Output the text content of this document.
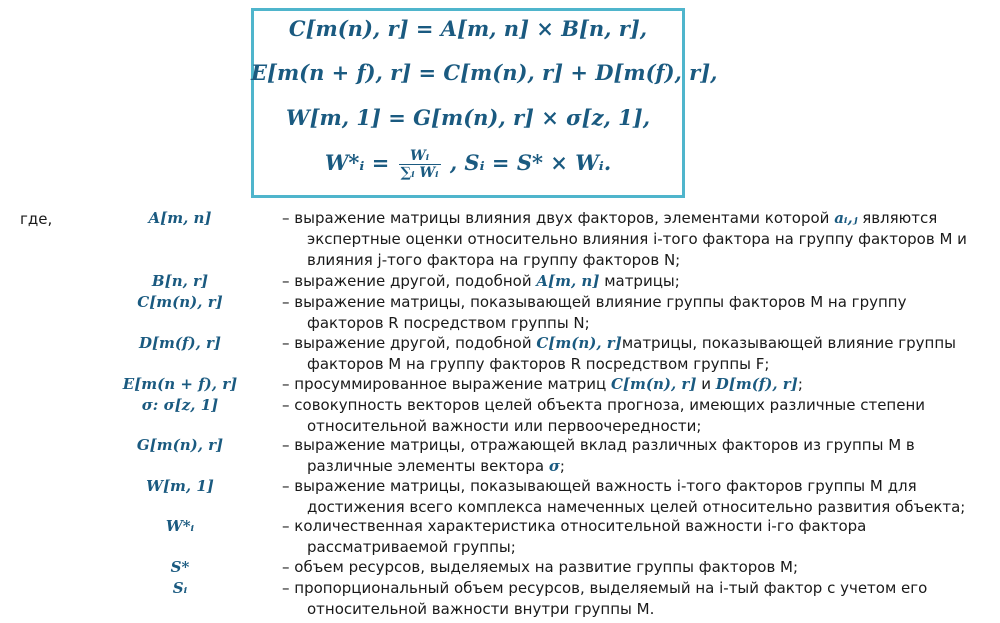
C[m(n), r] = A[m, n] × B[n, r],
E[m(n + f), r] = C[m(n), r] + D[m(f), r],
W[m, 1] = G[m(n), r] × σ[z, 1],
W*ᵢ = $\frac{\text{Wᵢ}}{\text{∑ᵢ Wᵢ}}$ , Sᵢ = S* × Wᵢ.
где,	A[m, n]	– выражение матрицы влияния двух факторов, элементами которой aᵢ,ⱼ являются
экспертные оценки относительно влияния i-того фактора на группу факторов M и
влияния j-того фактора на группу факторов N;
B[n, r]	– выражение другой, подобной A[m, n] матрицы;
C[m(n), r]	– выражение матрицы, показывающей влияние группы факторов M на группу
факторов R посредством группы N;
D[m(f), r]	– выражение другой, подобной C[m(n), r]матрицы, показывающей влияние группы
факторов M на группу факторов R посредством группы F;
E[m(n + f), r]	– просуммированное выражение матриц C[m(n), r] и D[m(f), r];
σ: σ[z, 1]	– совокупность векторов целей объекта прогноза, имеющих различные степени
относительной важности или первоочередности;
G[m(n), r]	– выражение матрицы, отражающей вклад различных факторов из группы M в
различные элементы вектора σ;
W[m, 1]	– выражение матрицы, показывающей важность i-того факторов группы M для
достижения всего комплекса намеченных целей относительно развития объекта;
W*ᵢ	– количественная характеристика относительной важности i-го фактора
рассматриваемой группы;
S*	– объем ресурсов, выделяемых на развитие группы факторов M;
Sᵢ	– пропорциональный объем ресурсов, выделяемый на i-тый фактор с учетом его
относительной важности внутри группы M.
